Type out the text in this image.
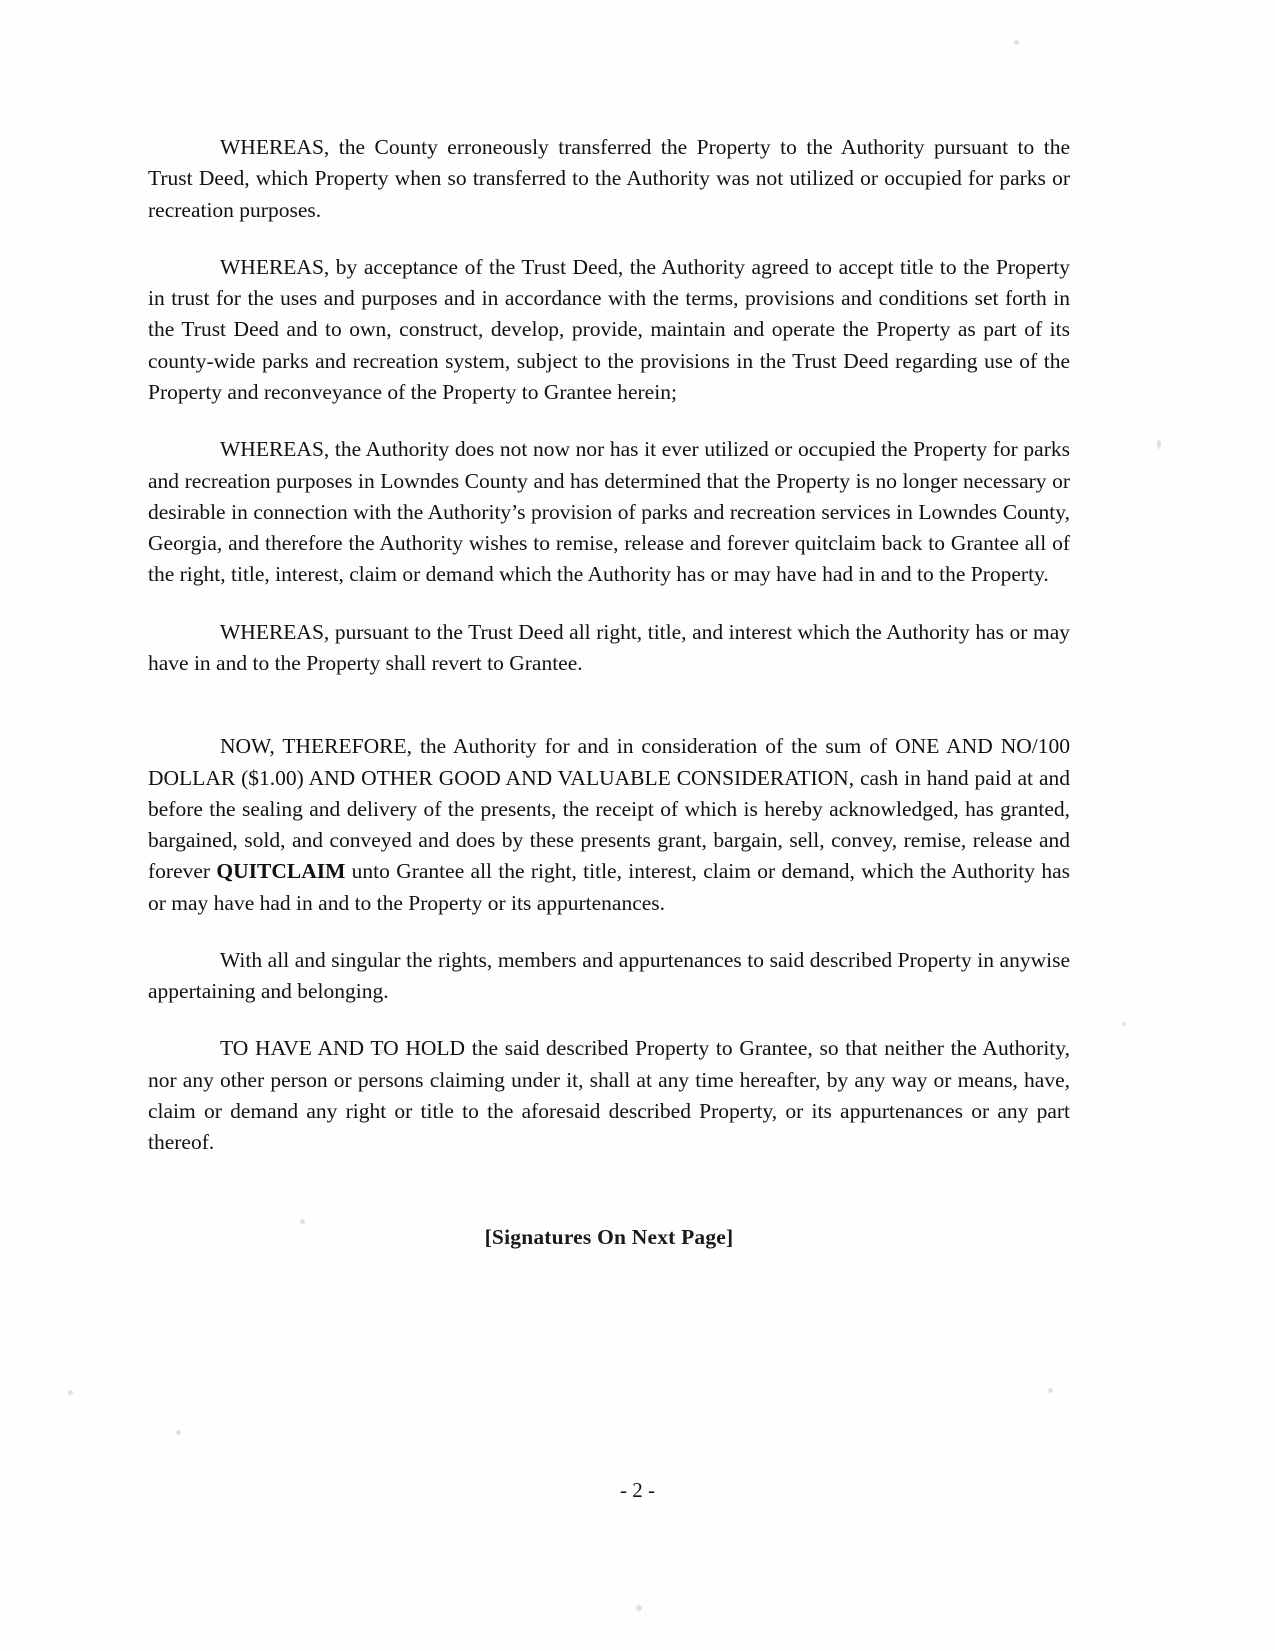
WHEREAS, the County erroneously transferred the Property to the Authority pursuant to the Trust Deed, which Property when so transferred to the Authority was not utilized or occupied for parks or recreation purposes.

WHEREAS, by acceptance of the Trust Deed, the Authority agreed to accept title to the Property in trust for the uses and purposes and in accordance with the terms, provisions and conditions set forth in the Trust Deed and to own, construct, develop, provide, maintain and operate the Property as part of its county-wide parks and recreation system, subject to the provisions in the Trust Deed regarding use of the Property and reconveyance of the Property to Grantee herein;

WHEREAS, the Authority does not now nor has it ever utilized or occupied the Property for parks and recreation purposes in Lowndes County and has determined that the Property is no longer necessary or desirable in connection with the Authority’s provision of parks and recreation services in Lowndes County, Georgia, and therefore the Authority wishes to remise, release and forever quitclaim back to Grantee all of the right, title, interest, claim or demand which the Authority has or may have had in and to the Property.

WHEREAS, pursuant to the Trust Deed all right, title, and interest which the Authority has or may have in and to the Property shall revert to Grantee.

NOW, THEREFORE, the Authority for and in consideration of the sum of ONE AND NO/100 DOLLAR ($1.00) AND OTHER GOOD AND VALUABLE CONSIDERATION, cash in hand paid at and before the sealing and delivery of the presents, the receipt of which is hereby acknowledged, has granted, bargained, sold, and conveyed and does by these presents grant, bargain, sell, convey, remise, release and forever QUITCLAIM unto Grantee all the right, title, interest, claim or demand, which the Authority has or may have had in and to the Property or its appurtenances.

With all and singular the rights, members and appurtenances to said described Property in anywise appertaining and belonging.

TO HAVE AND TO HOLD the said described Property to Grantee, so that neither the Authority, nor any other person or persons claiming under it, shall at any time hereafter, by any way or means, have, claim or demand any right or title to the aforesaid described Property, or its appurtenances or any part thereof.

[Signatures On Next Page]
- 2 -
